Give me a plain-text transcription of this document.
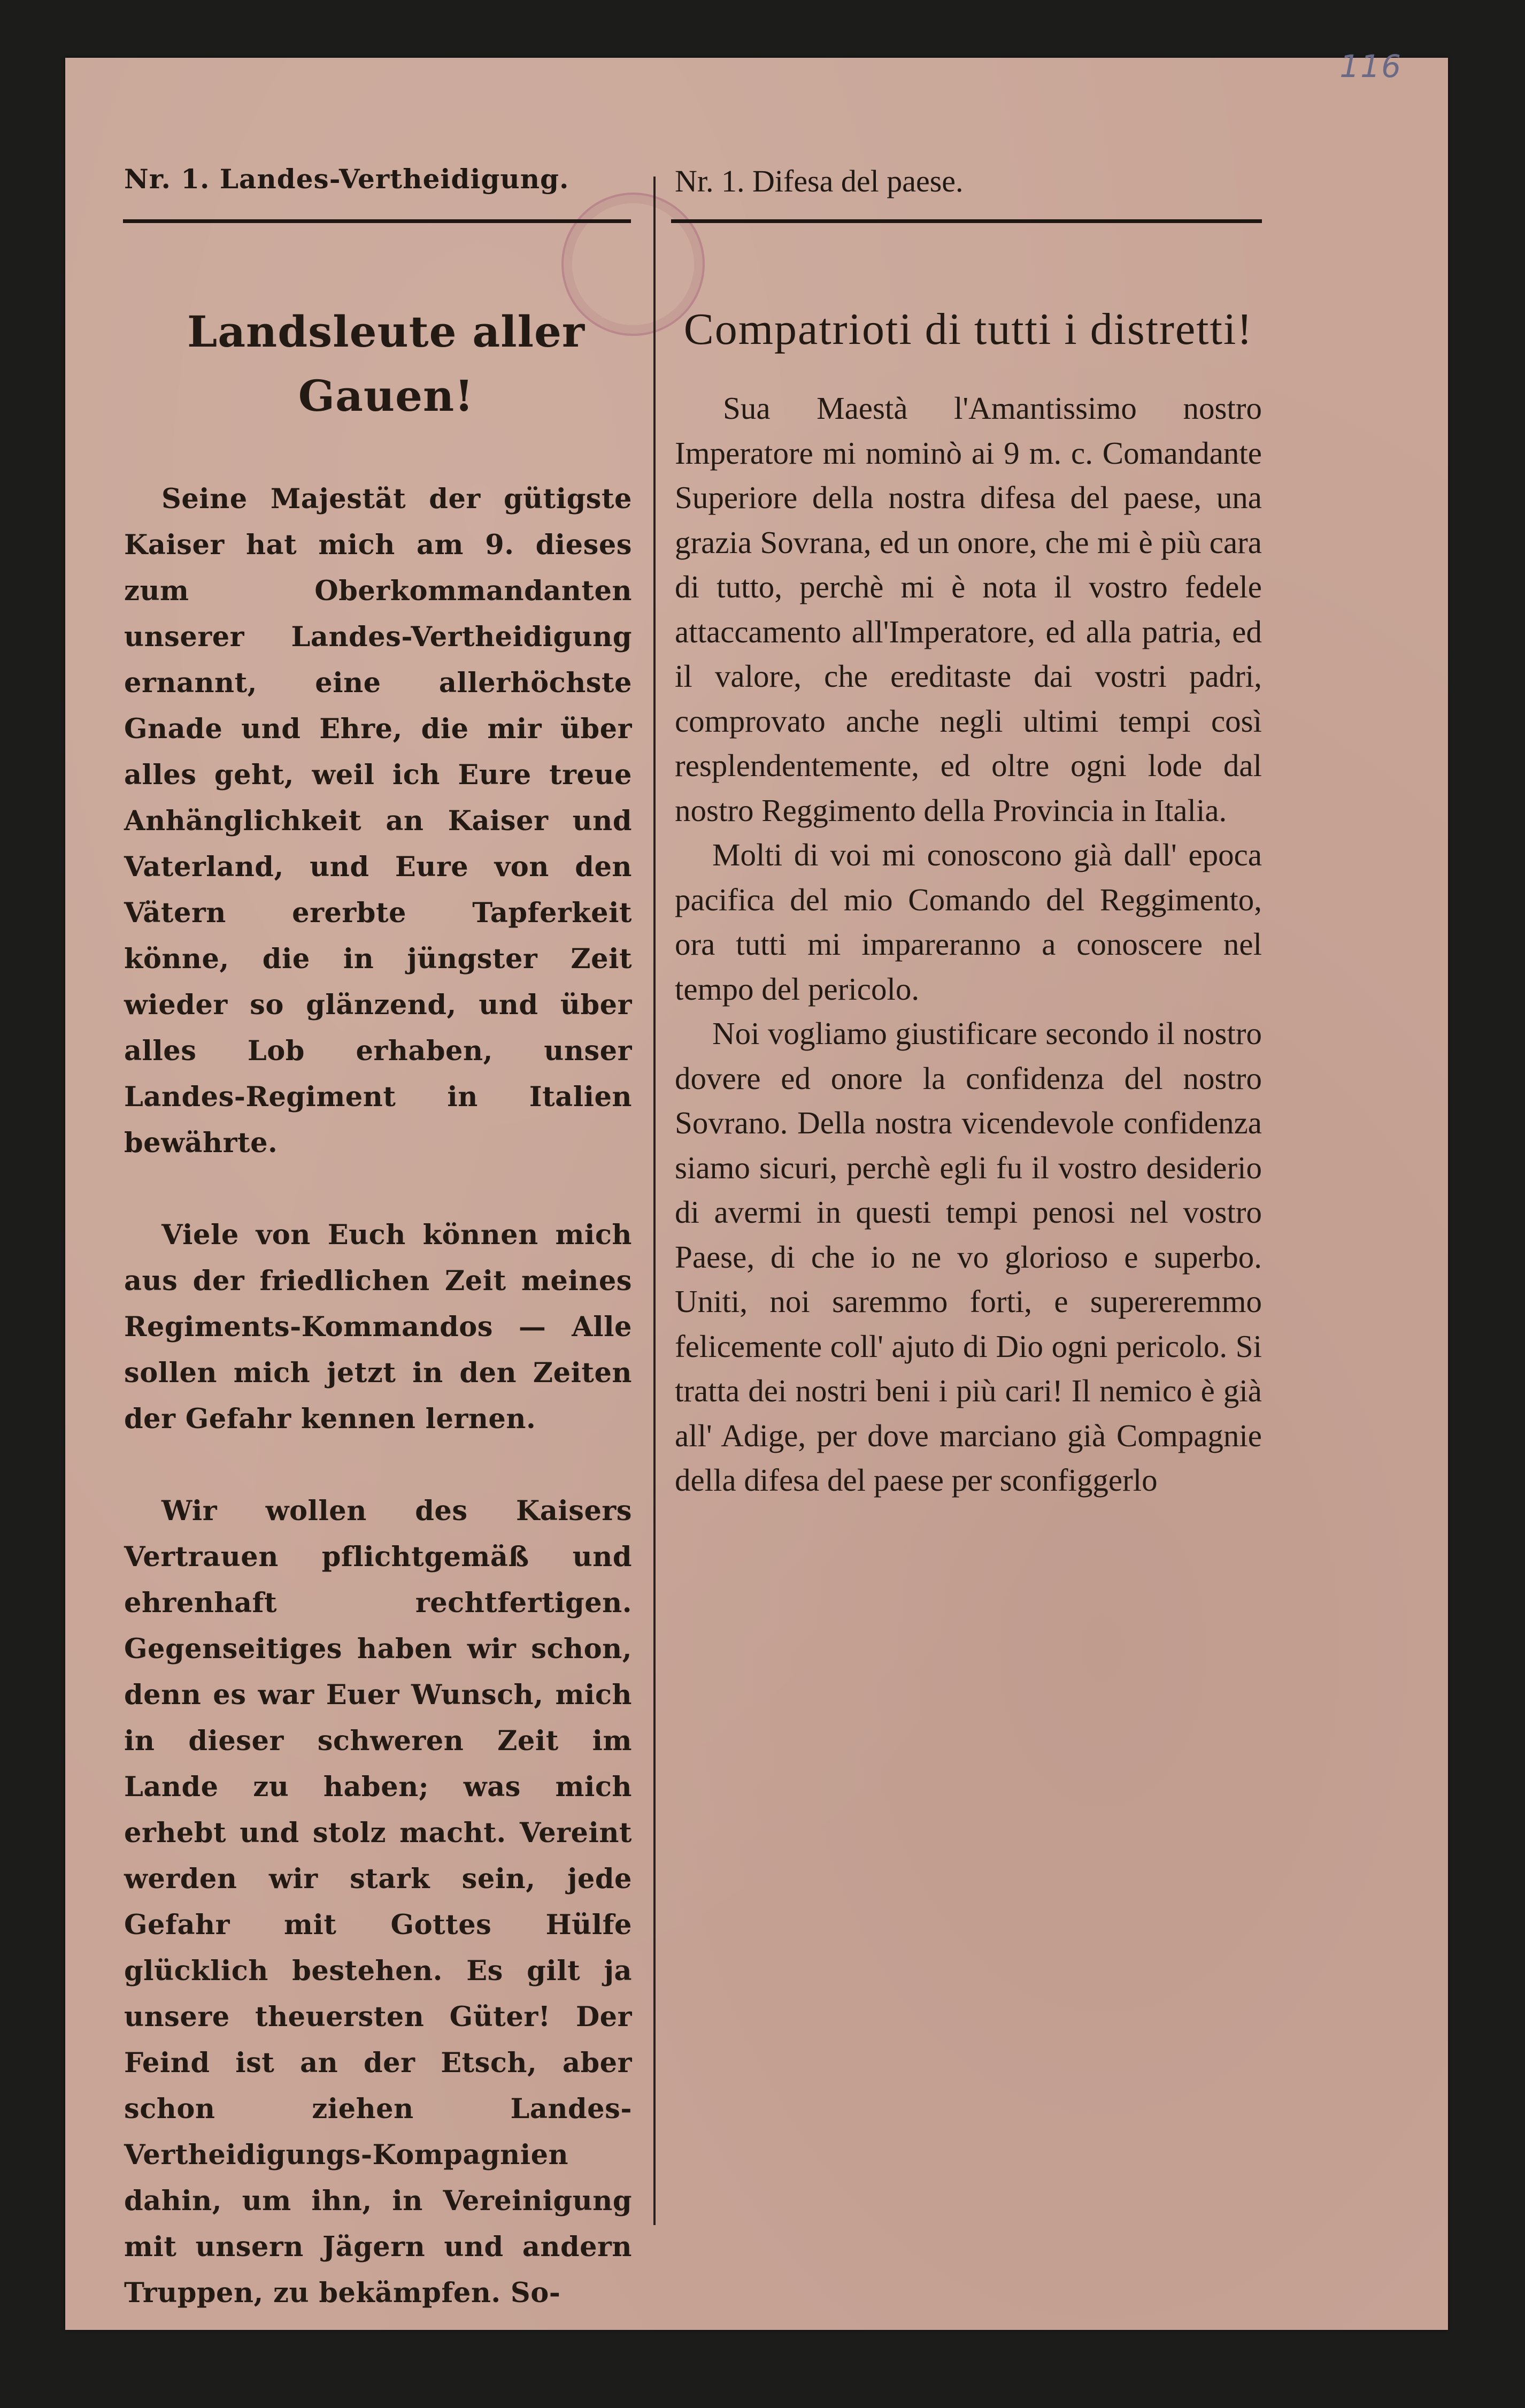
116
Nr. 1. Landes-Vertheidigung.	Nr. 1. Difesa del paese.
Landsleute aller Gauen!

Seine Majestät der gütigste Kaiser hat mich am 9. dieses zum Oberkommandanten unserer Landes-Vertheidigung ernannt, eine allerhöchste Gnade und Ehre, die mir über alles geht, weil ich Eure treue Anhänglichkeit an Kaiser und Vaterland, und Eure von den Vätern ererbte Tapferkeit könne, die in jüngster Zeit wieder so glänzend, und über alles Lob erhaben, unser Landes-Regiment in Italien bewährte.

Viele von Euch können mich aus der friedlichen Zeit meines Regiments-Kommandos — Alle sollen mich jetzt in den Zeiten der Gefahr kennen lernen.

Wir wollen des Kaisers Vertrauen pflichtgemäß und ehrenhaft rechtfertigen. Gegenseitiges haben wir schon, denn es war Euer Wunsch, mich in dieser schweren Zeit im Lande zu haben; was mich erhebt und stolz macht. Vereint werden wir stark sein, jede Gefahr mit Gottes Hülfe glücklich bestehen. Es gilt ja unsere theuersten Güter! Der Feind ist an der Etsch, aber schon ziehen Landes-Vertheidigungs-Kompagnien dahin, um ihn, in Vereinigung mit unsern Jägern und andern Truppen, zu bekämpfen. So-

Compatrioti di tutti i distretti!

Sua Maestà l'Amantissimo nostro Imperatore mi nominò ai 9 m. c. Comandante Superiore della nostra difesa del paese, una grazia Sovrana, ed un onore, che mi è più cara di tutto, perchè mi è nota il vostro fedele attaccamento all'Imperatore, ed alla patria, ed il valore, che ereditaste dai vostri padri, comprovato anche negli ultimi tempi così resplendentemente, ed oltre ogni lode dal nostro Reggimento della Provincia in Italia.

Molti di voi mi conoscono già dall' epoca pacifica del mio Comando del Reggimento, ora tutti mi impareranno a conoscere nel tempo del pericolo.

Noi vogliamo giustificare secondo il nostro dovere ed onore la confidenza del nostro Sovrano. Della nostra vicendevole confidenza siamo sicuri, perchè egli fu il vostro desiderio di avermi in questi tempi penosi nel vostro Paese, di che io ne vo glorioso e superbo. Uniti, noi saremmo forti, e supereremmo felicemente coll' ajuto di Dio ogni pericolo. Si tratta dei nostri beni i più cari! Il nemico è già all' Adige, per dove marciano già Compagnie della difesa del paese per sconfiggerlo
